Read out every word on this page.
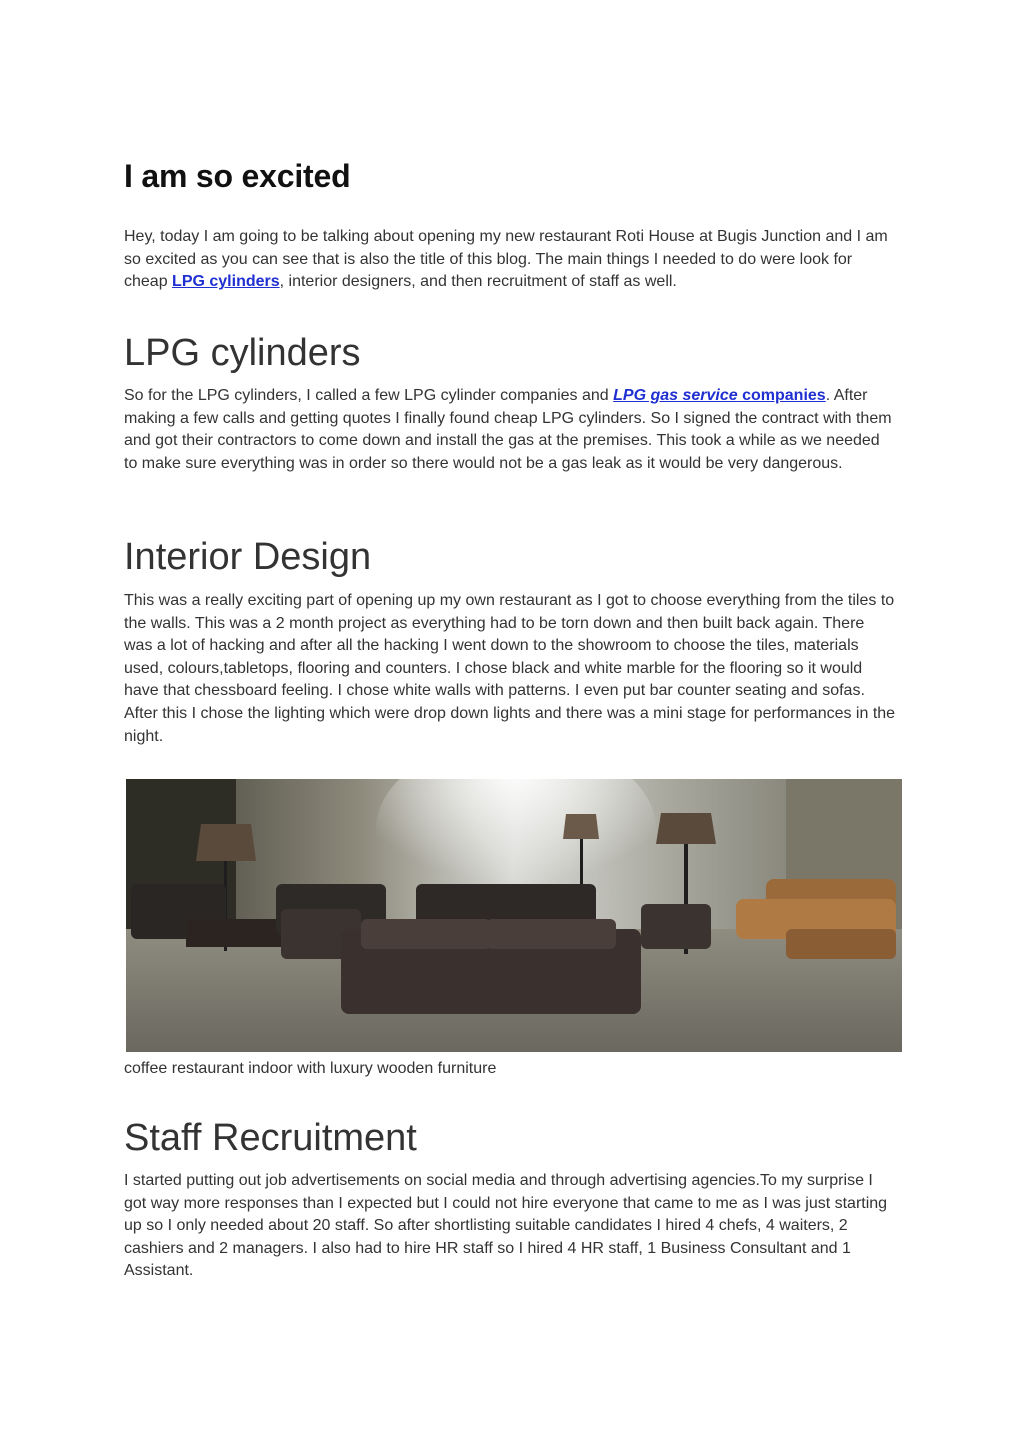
I am so excited

Hey, today I am going to be talking about opening my new restaurant Roti House at Bugis Junction and I am so excited as you can see that is also the title of this blog. The main things I needed to do were look for cheap LPG cylinders, interior designers, and then recruitment of staff as well.

LPG cylinders

So for the LPG cylinders, I called a few LPG cylinder companies and LPG gas service companies. After making a few calls and getting quotes I finally found cheap LPG cylinders. So I signed the contract with them and got their contractors to come down and install the gas at the premises. This took a while as we needed to make sure everything was in order so there would not be a gas leak as it would be very dangerous.

Interior Design

This was a really exciting part of opening up my own restaurant as I got to choose everything from the tiles to the walls. This was a 2 month project as everything had to be torn down and then built back again. There was a lot of hacking and after all the hacking I went down to the showroom to choose the tiles, materials used, colours,tabletops, flooring and counters. I chose black and white marble for the flooring so it would have that chessboard feeling. I chose white walls with patterns. I even put bar counter seating and sofas. After this I chose the lighting which were drop down lights and there was a mini stage for performances in the night.

coffee restaurant indoor with luxury wooden furniture
Staff Recruitment

I started putting out job advertisements on social media and through advertising agencies.To my surprise I got way more responses than I expected but I could not hire everyone that came to me as I was just starting up so I only needed about 20 staff. So after shortlisting suitable candidates I hired 4 chefs, 4 waiters, 2 cashiers and 2 managers. I also had to hire HR staff so I hired 4 HR staff, 1 Business Consultant and 1 Assistant.
